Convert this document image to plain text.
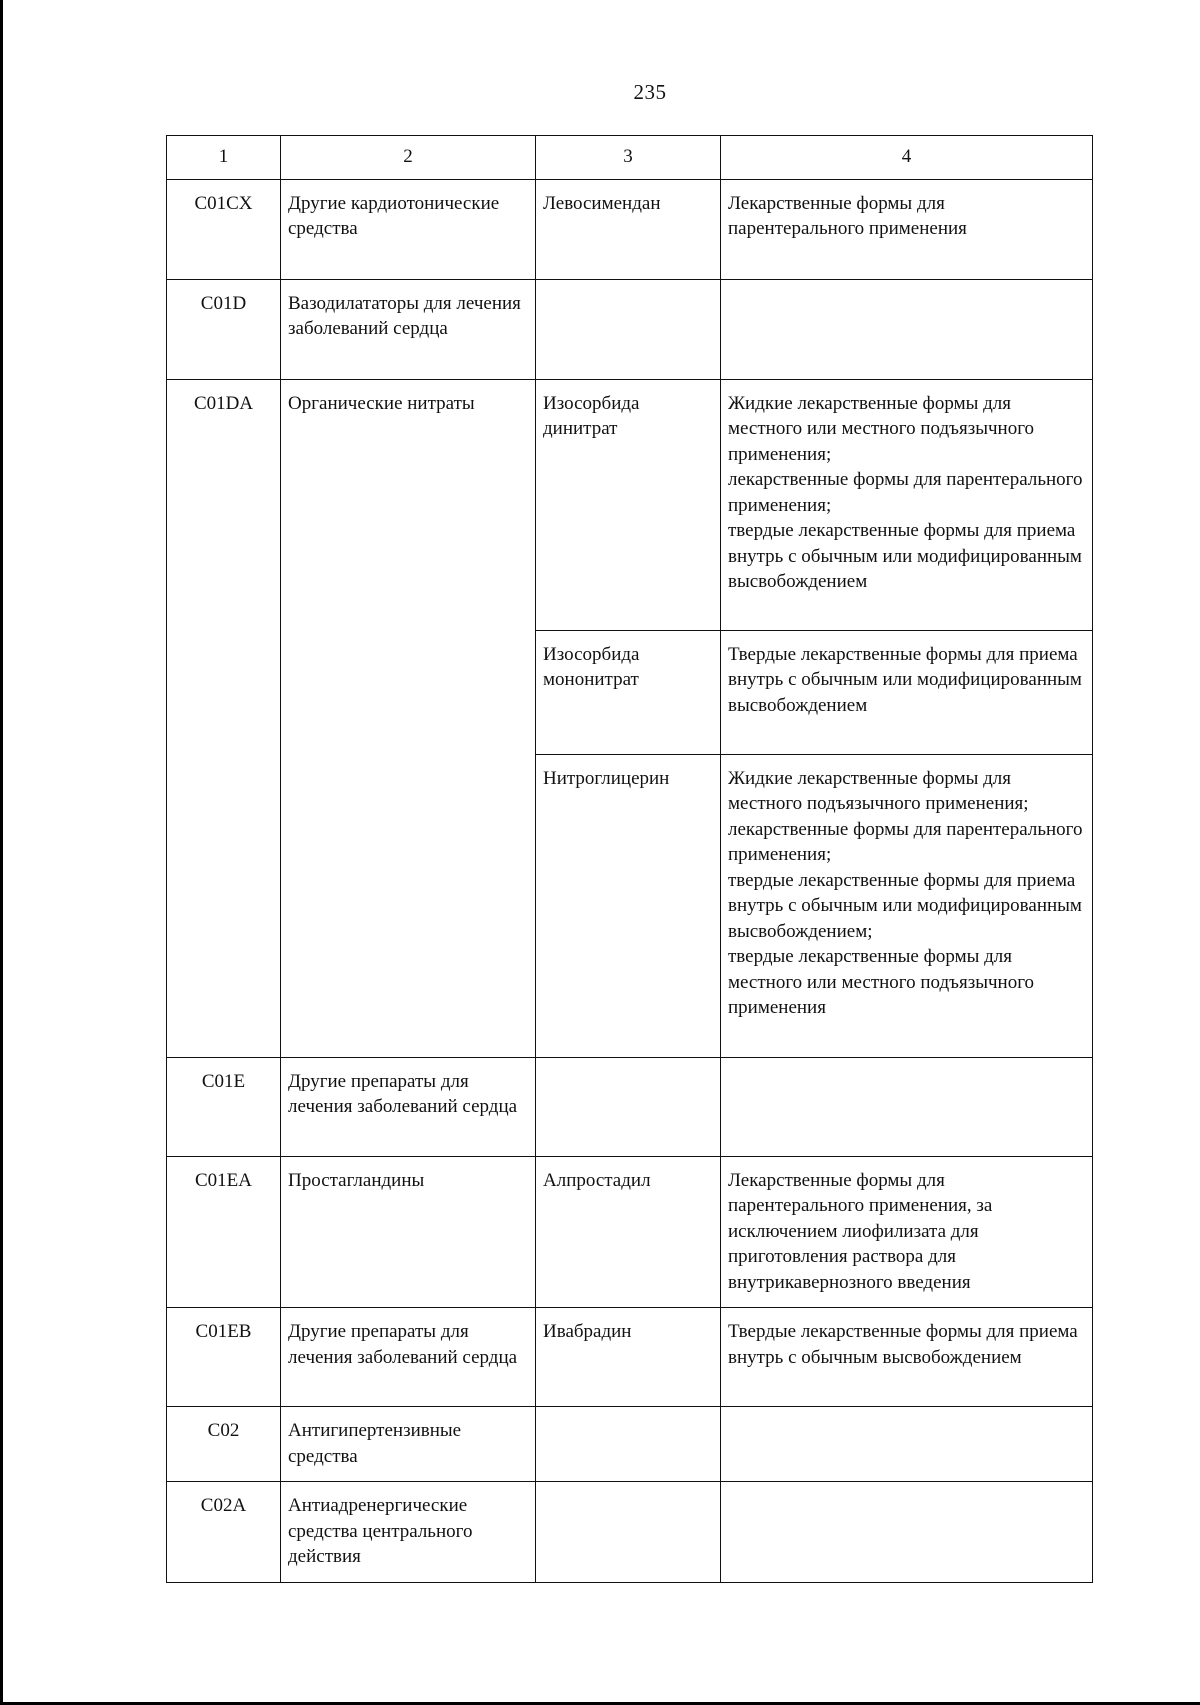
235
1	2	3	4
C01CX	Другие кардиотонические средства	Левосимендан	Лекарственные формы для парентерального применения
C01D	Вазодилататоры для лечения заболеваний сердца		
C01DA	Органические нитраты	Изосорбида динитрат	Жидкие лекарственные формы для местного или местного подъязычного применения;
лекарственные формы для парентерального применения;
твердые лекарственные формы для приема внутрь с обычным или модифицированным высвобождением
		Изосорбида мононитрат	Твердые лекарственные формы для приема внутрь с обычным или модифицированным высвобождением
		Нитроглицерин	Жидкие лекарственные формы для местного подъязычного применения;
лекарственные формы для парентерального применения;
твердые лекарственные формы для приема внутрь с обычным или модифицированным высвобождением;
твердые лекарственные формы для местного или местного подъязычного применения
C01E	Другие препараты для лечения заболеваний сердца		
C01EA	Простагландины	Алпростадил	Лекарственные формы для парентерального применения, за исключением лиофилизата для приготовления раствора для внутрикавернозного введения
C01EB	Другие препараты для лечения заболеваний сердца	Ивабрадин	Твердые лекарственные формы для приема внутрь с обычным высвобождением
C02	Антигипертензивные средства		
C02A	Антиадренергические средства центрального действия		
